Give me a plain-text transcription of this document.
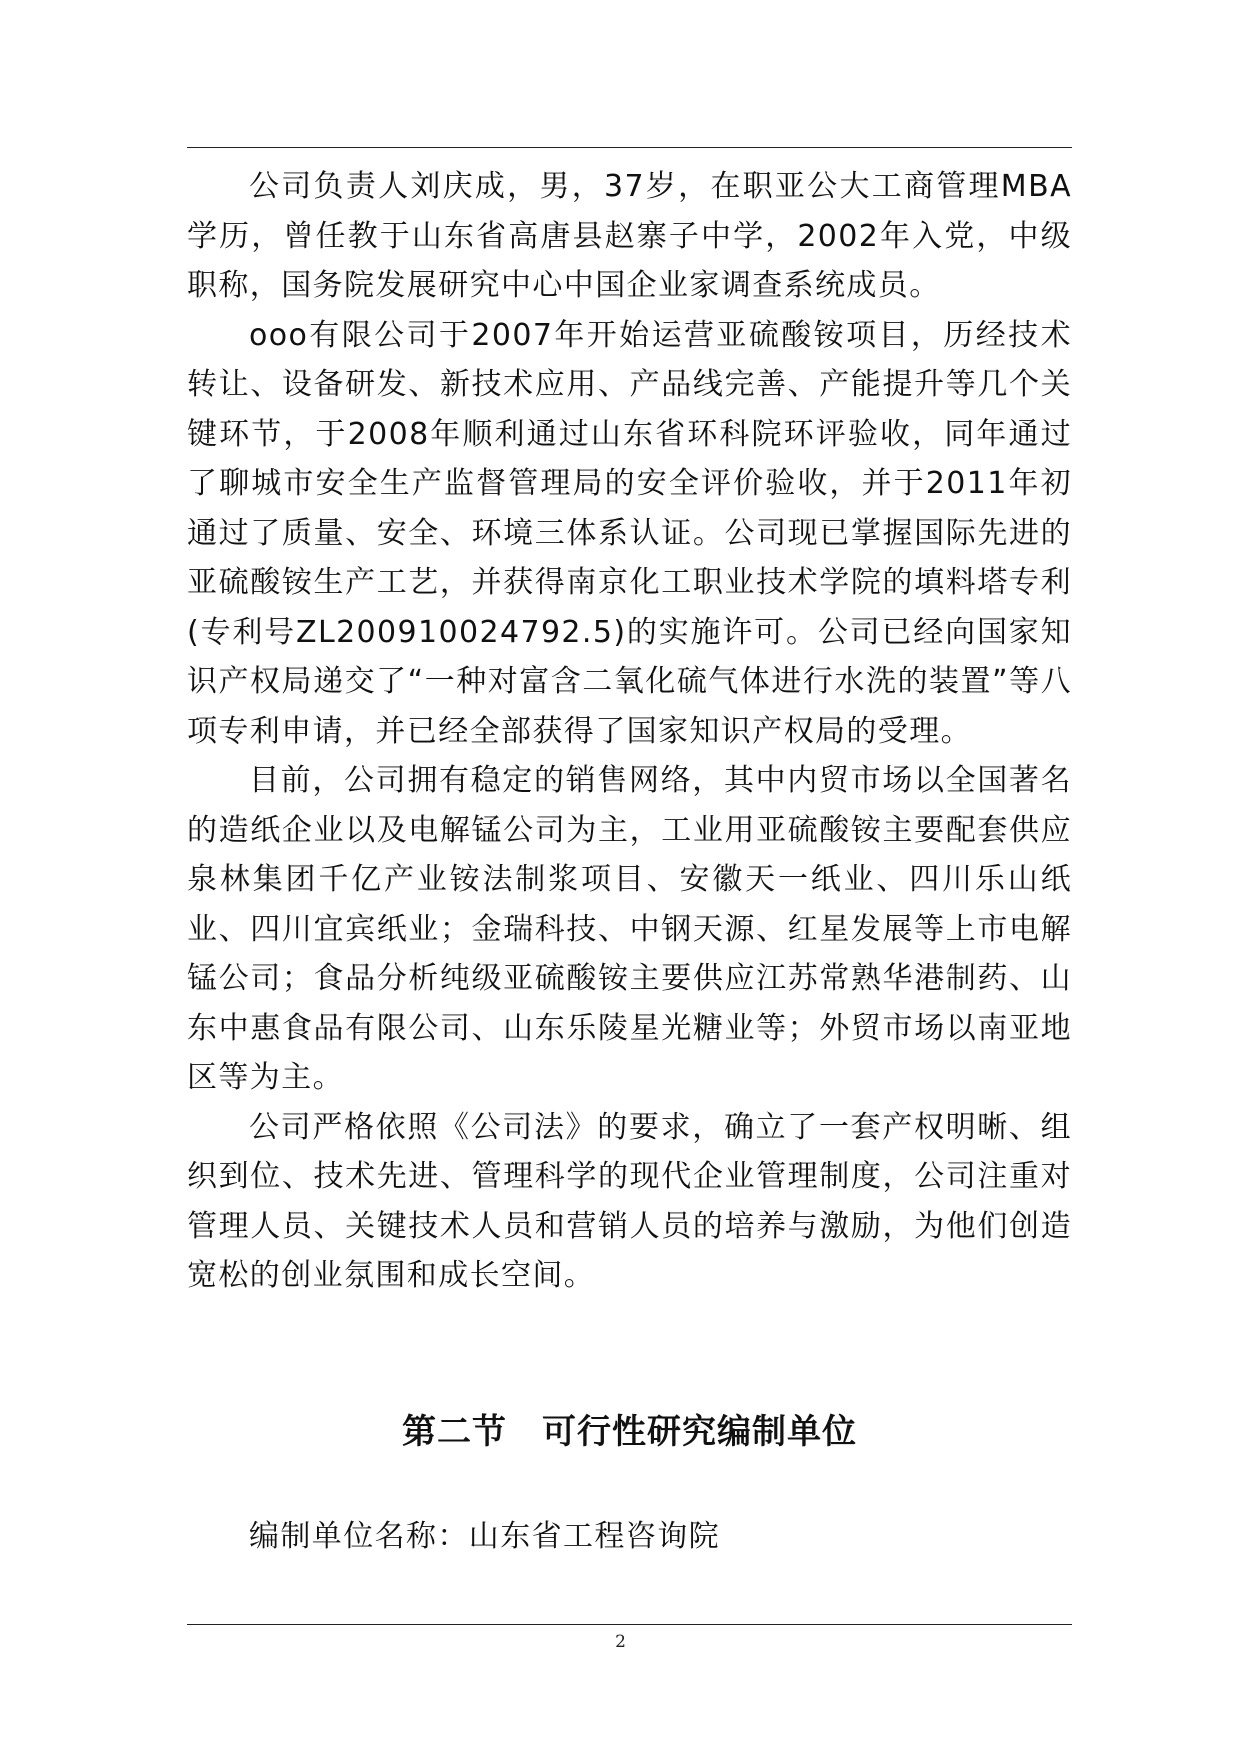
公司负责人刘庆成，男，37岁，在职亚公大工商管理MBA学历，曾任教于山东省高唐县赵寨子中学，2002年入党，中级职称，国务院发展研究中心中国企业家调查系统成员。

ooo有限公司于2007年开始运营亚硫酸铵项目，历经技术转让、设备研发、新技术应用、产品线完善、产能提升等几个关键环节，于2008年顺利通过山东省环科院环评验收，同年通过了聊城市安全生产监督管理局的安全评价验收，并于2011年初通过了质量、安全、环境三体系认证。公司现已掌握国际先进的亚硫酸铵生产工艺，并获得南京化工职业技术学院的填料塔专利(专利号ZL200910024792.5)的实施许可。公司已经向国家知识产权局递交了“一种对富含二氧化硫气体进行水洗的装置”等八项专利申请，并已经全部获得了国家知识产权局的受理。

目前，公司拥有稳定的销售网络，其中内贸市场以全国著名的造纸企业以及电解锰公司为主，工业用亚硫酸铵主要配套供应泉林集团千亿产业铵法制浆项目、安徽天一纸业、四川乐山纸业、四川宜宾纸业；金瑞科技、中钢天源、红星发展等上市电解锰公司；食品分析纯级亚硫酸铵主要供应江苏常熟华港制药、山东中惠食品有限公司、山东乐陵星光糖业等；外贸市场以南亚地区等为主。

公司严格依照《公司法》的要求，确立了一套产权明晰、组织到位、技术先进、管理科学的现代企业管理制度，公司注重对管理人员、关键技术人员和营销人员的培养与激励，为他们创造宽松的创业氛围和成长空间。

第二节　可行性研究编制单位

编制单位名称：山东省工程咨询院

2
